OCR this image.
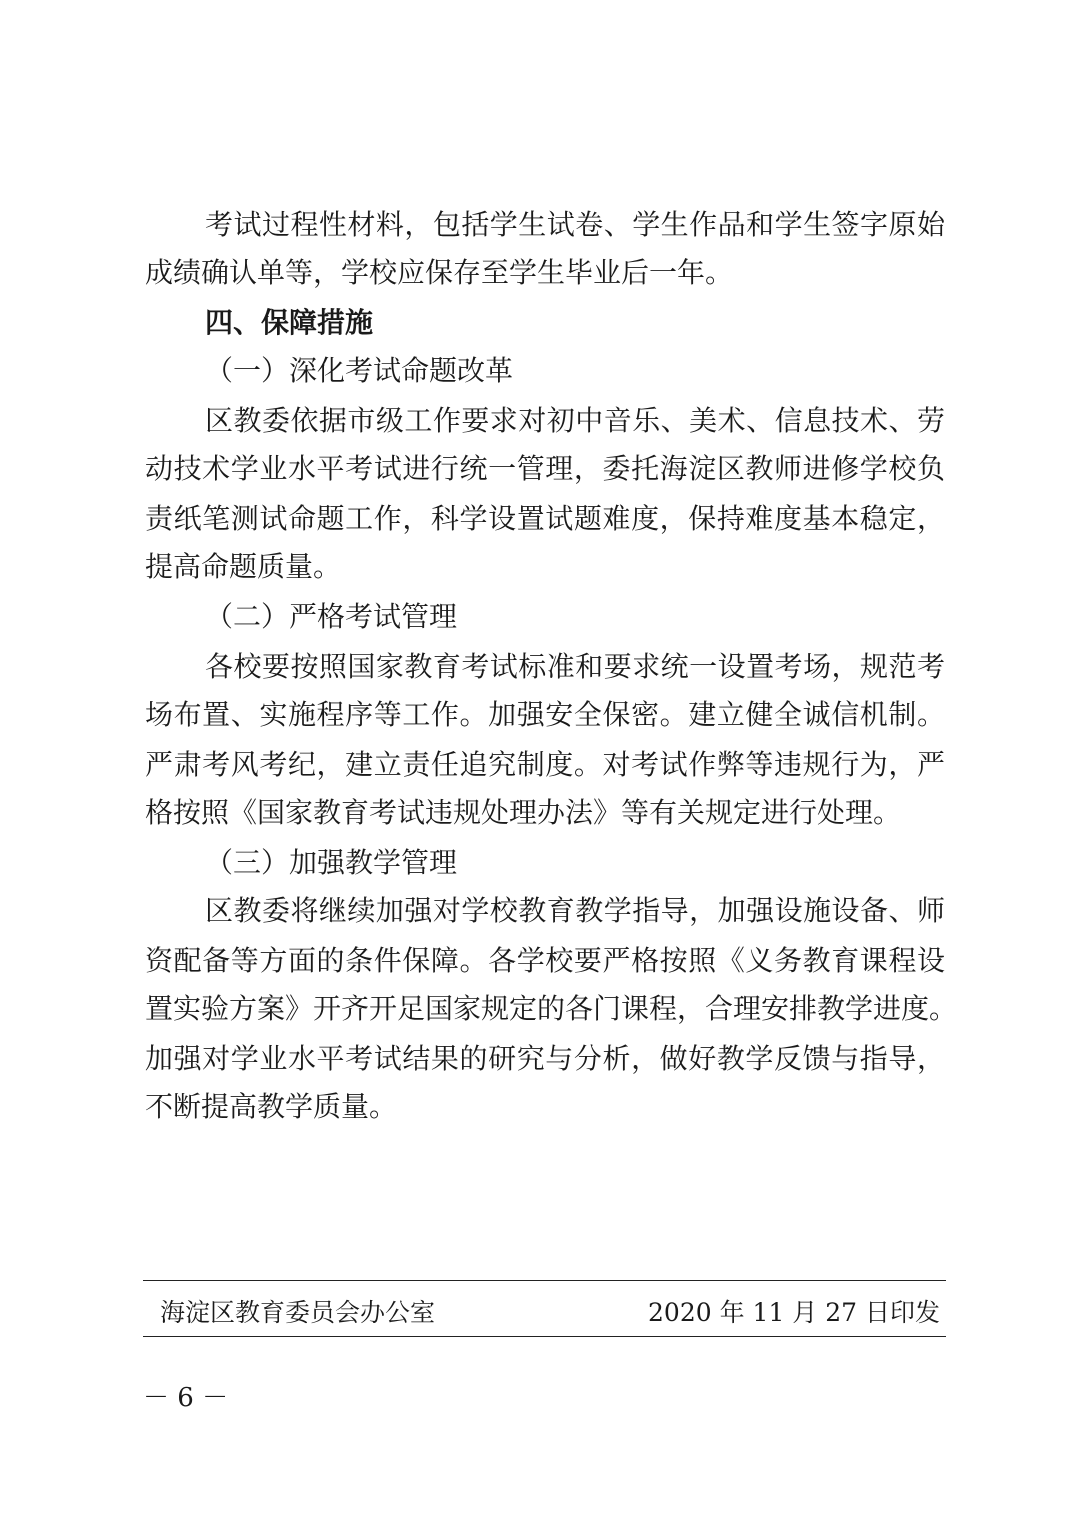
考试过程性材料，包括学生试卷、学生作品和学生签字原始
成绩确认单等，学校应保存至学生毕业后一年。
四、保障措施
（一）深化考试命题改革
区教委依据市级工作要求对初中音乐、美术、信息技术、劳
动技术学业水平考试进行统一管理，委托海淀区教师进修学校负
责纸笔测试命题工作，科学设置试题难度，保持难度基本稳定，
提高命题质量。
（二）严格考试管理
各校要按照国家教育考试标准和要求统一设置考场，规范考
场布置、实施程序等工作。加强安全保密。建立健全诚信机制。
严肃考风考纪，建立责任追究制度。对考试作弊等违规行为，严
格按照《国家教育考试违规处理办法》等有关规定进行处理。
（三）加强教学管理
区教委将继续加强对学校教育教学指导，加强设施设备、师
资配备等方面的条件保障。各学校要严格按照《义务教育课程设
置实验方案》开齐开足国家规定的各门课程，合理安排教学进度。
加强对学业水平考试结果的研究与分析，做好教学反馈与指导，
不断提高教学质量。
海淀区教育委员会办公室	2020 年 11 月 27 日印发
－ 6 －
